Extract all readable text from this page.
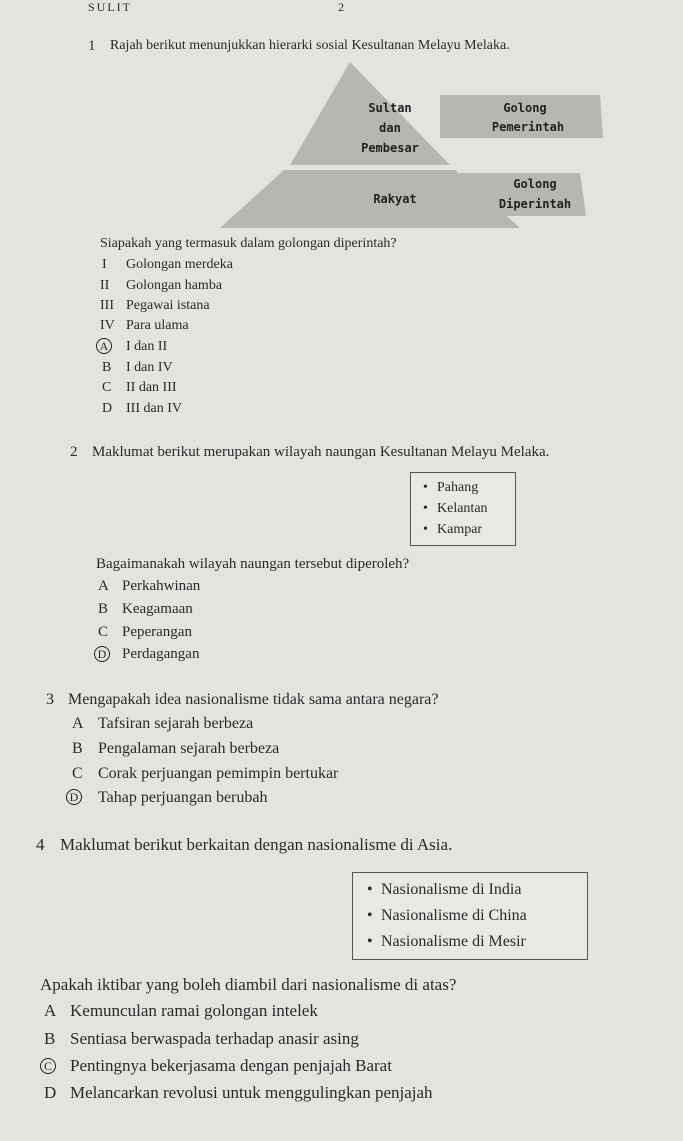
SULIT	2
1 Rajah berikut menunjukkan hierarki sosial Kesultanan Melayu Melaka.
Sultan
dan
Pembesar
Golong
Pemerintah
Rakyat
Golong
Diperintah
Siapakah yang termasuk dalam golongan diperintah?
I Golongan merdeka
II Golongan hamba
III Pegawai istana
IV Para ulama
A	I dan II
B I dan IV
C II dan III
D III dan IV
2 Maklumat berikut merupakan wilayah naungan Kesultanan Melayu Melaka.
• Pahang
• Kelantan
• Kampar
Bagaimanakah wilayah naungan tersebut diperoleh?
A Perkahwinan
B Keagamaan
C Peperangan
D	Perdagangan
3 Mengapakah idea nasionalisme tidak sama antara negara?
A Tafsiran sejarah berbeza
B Pengalaman sejarah berbeza
C Corak perjuangan pemimpin bertukar
D	Tahap perjuangan berubah
4 Maklumat berikut berkaitan dengan nasionalisme di Asia.
• Nasionalisme di India
• Nasionalisme di China
• Nasionalisme di Mesir
Apakah iktibar yang boleh diambil dari nasionalisme di atas?
A Kemunculan ramai golongan intelek
B Sentiasa berwaspada terhadap anasir asing
C	Pentingnya bekerjasama dengan penjajah Barat
D Melancarkan revolusi untuk menggulingkan penjajah
